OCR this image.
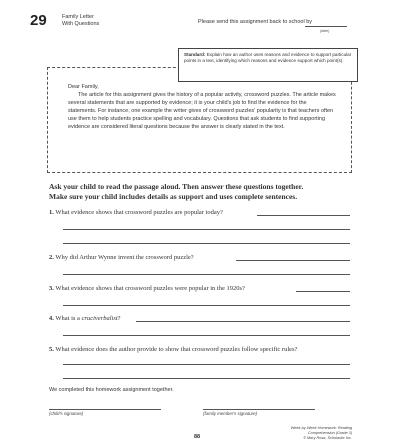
29	Family Letter
With Questions	Please send this assignment back to school by
(date)
Standard: Explain how an author uses reasons and evidence to support particular points in a text, identifying which reasons and evidence support which point(s).

Dear Family,

The article for this assignment gives the history of a popular activity, crossword puzzles. The article makes several statements that are supported by evidence; it is your child's job to find the evidence for the statements. For instance, one example the writer gives of crossword puzzles' popularity is that teachers often use them to help students practice spelling and vocabulary. Questions that ask students to find supporting evidence are considered literal questions because the answer is clearly stated in the text.

Ask your child to read the passage aloud. Then answer these questions together.
Make sure your child includes details as support and uses complete sentences.
1. What evidence shows that crossword puzzles are popular today?
2. Why did Arthur Wynne invent the crossword puzzle?
3. What evidence shows that crossword puzzles were popular in the 1920s?
4. What is a cruciverbalist?
5. What evidence does the author provide to show that crossword puzzles follow specific rules?
We completed this homework assignment together.
(child's signature)	(family member's signature)
88
Week-by-Week Homework: Reading Comprehension (Grade 3)
© Mary Rosa, Scholastic Inc.
